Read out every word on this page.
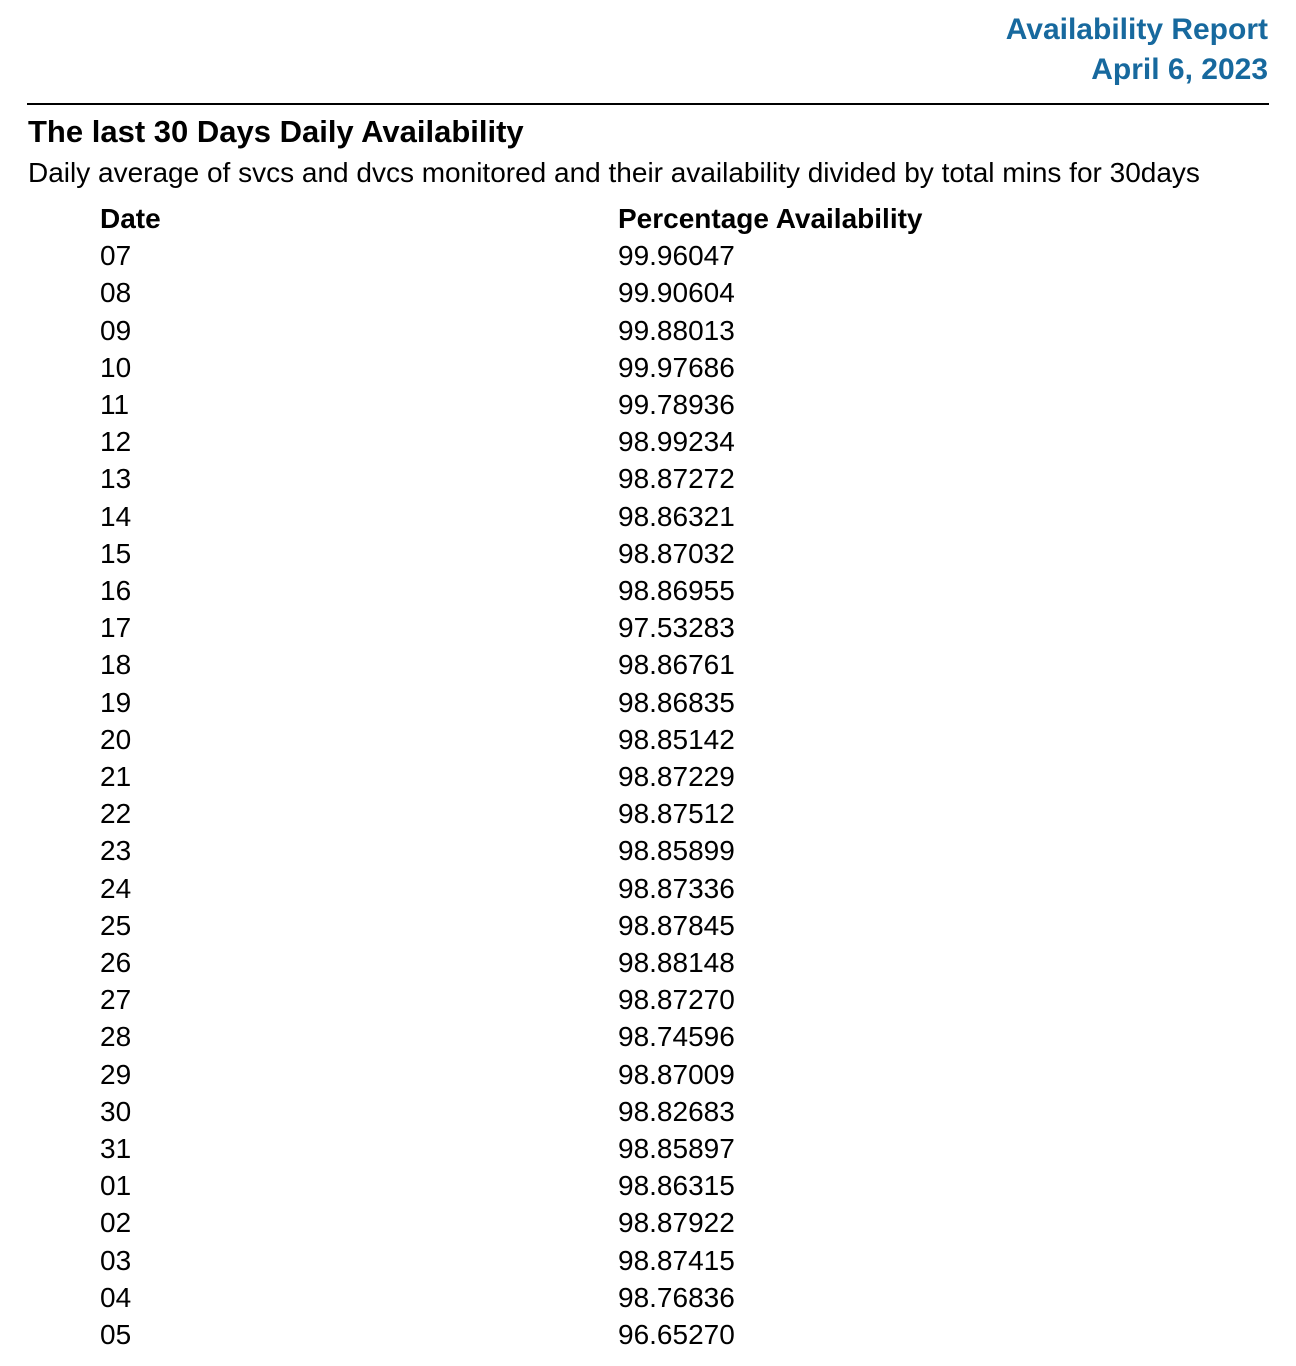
Availability Report
April 6, 2023
The last 30 Days Daily Availability

Daily average of svcs and dvcs monitored and their availability divided by total mins for 30days

Date	Percentage Availability
07	99.96047
08	99.90604
09	99.88013
10	99.97686
11	99.78936
12	98.99234
13	98.87272
14	98.86321
15	98.87032
16	98.86955
17	97.53283
18	98.86761
19	98.86835
20	98.85142
21	98.87229
22	98.87512
23	98.85899
24	98.87336
25	98.87845
26	98.88148
27	98.87270
28	98.74596
29	98.87009
30	98.82683
31	98.85897
01	98.86315
02	98.87922
03	98.87415
04	98.76836
05	96.65270
